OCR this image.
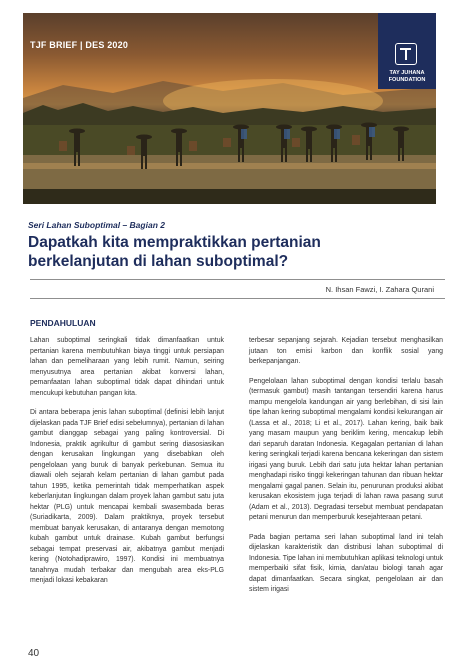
TJF BRIEF | DES 2020
TAY JUHANA
FOUNDATION
Seri Lahan Suboptimal – Bagian 2
Dapatkah kita mempraktikkan pertanian
berkelanjutan di lahan suboptimal?
N. Ihsan Fawzi, I. Zahara Qurani
PENDAHULUAN

Lahan suboptimal seringkali tidak dimanfaatkan untuk pertanian karena membutuhkan biaya tinggi untuk persiapan lahan dan pemeliharaan yang lebih rumit. Namun, seiring menyusutnya area pertanian akibat konversi lahan, pemanfaatan lahan suboptimal tidak dapat dihindari untuk mencukupi kebutuhan pangan kita.

Di antara beberapa jenis lahan suboptimal (definisi lebih lanjut dijelaskan pada TJF Brief edisi sebelumnya), pertanian di lahan gambut dianggap sebagai yang paling kontroversial. Di Indonesia, praktik agrikultur di gambut sering diasosiasikan dengan kerusakan lingkungan yang disebabkan oleh pengelolaan yang buruk di banyak perkebunan. Semua itu diawali oleh sejarah kelam pertanian di lahan gambut pada tahun 1995, ketika pemerintah tidak memperhatikan aspek keberlanjutan lingkungan dalam proyek lahan gambut satu juta hektar (PLG) untuk mencapai kembali swasembada beras (Suriadikarta, 2009). Dalam praktiknya, proyek tersebut membuat banyak kerusakan, di antaranya dengan memotong kubah gambut untuk drainase. Kubah gambut berfungsi sebagai tempat preservasi air, akibatnya gambut menjadi kering (Notohadiprawiro, 1997). Kondisi ini membuatnya tanahnya mudah terbakar dan mengubah area eks-PLG menjadi lokasi kebakaran

terbesar sepanjang sejarah. Kejadian tersebut menghasilkan jutaan ton emisi karbon dan konflik sosial yang berkepanjangan.

Pengelolaan lahan suboptimal dengan kondisi terlalu basah (termasuk gambut) masih tantangan tersendiri karena harus mampu mengelola kandungan air yang berlebihan, di sisi lain tipe lahan kering suboptimal mengalami kondisi kekurangan air (Lassa et al., 2018; Li et al., 2017). Lahan kering, baik baik yang masam maupun yang beriklim kering, mencakup lebih dari separuh daratan Indonesia. Kegagalan pertanian di lahan kering seringkali terjadi karena bencana kekeringan dan sistem irigasi yang buruk. Lebih dari satu juta hektar lahan pertanian menghadapi risiko tinggi kekeringan tahunan dan ribuan hektar mengalami gagal panen. Selain itu, penurunan produksi akibat kerusakan ekosistem juga terjadi di lahan rawa pasang surut (Adam et al., 2013). Degradasi tersebut membuat pendapatan petani menurun dan memperburuk kesejahteraan petani.

Pada bagian pertama seri lahan suboptimal land ini telah dijelaskan karakteristik dan distribusi lahan suboptimal di Indonesia. Tipe lahan ini membutuhkan aplikasi teknologi untuk memperbaiki sifat fisik, kimia, dan/atau biologi tanah agar dapat dimanfaatkan. Secara singkat, pengelolaan air dan sistem irigasi

40
